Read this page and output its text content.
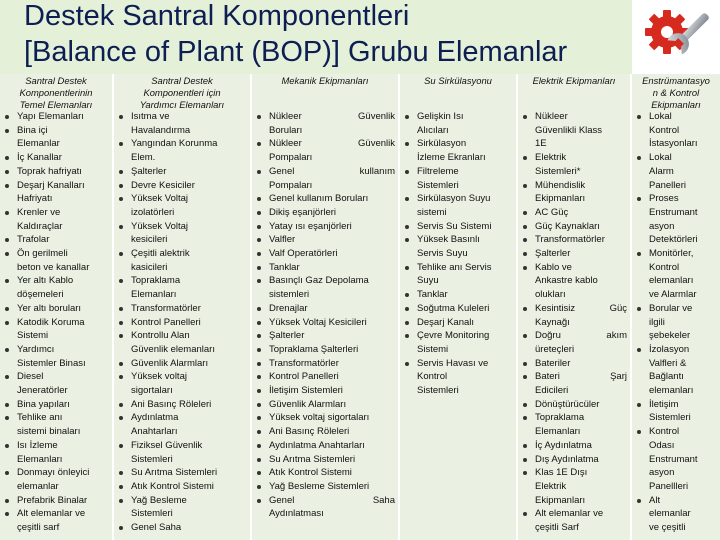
Destek Santral Komponentleri
[Balance of Plant (BOP)] Grubu Elemanlar
Santral Destek
Komponentlerinin
Temel Elemanları
Yapı Elemanları
Bina içi
Elemanlar
İç Kanallar
Toprak hafriyatı
Deşarj Kanalları
Hafriyatı
Krenler ve
Kaldıraçlar
Trafolar
Ön gerilmeli
beton ve kanallar
Yer altı Kablo
döşemeleri
Yer altı boruları
Katodik Koruma
Sistemi
Yardımcı
Sistemler Binası
Diesel
Jeneratörler
Bina yapıları
Tehlike anı
sistemi binaları
Isı İzleme
Elemanları
Donmayı önleyici
elemanlar
Prefabrik Binalar
Alt elemanlar ve
çeşitli sarf
Santral Destek
Komponentleri için
Yardımcı Elemanları
Isıtma ve
Havalandırma
Yangından Korunma
Elem.
Şalterler
Devre Kesiciler
Yüksek Voltaj
izolatörleri
Yüksek Voltaj
kesicileri
Çeşitli alektrik
kasicileri
Topraklama
Elemanları
Transformatörler
Kontrol Panelleri
Kontrollu Alan
Güvenlik elemanları
Güvenlik Alarmları
Yüksek voltaj
sigortaları
Ani Basınç Röleleri
Aydınlatma
Anahtarları
Fiziksel Güvenlik
Sistemleri
Su Arıtma Sistemleri
Atık Kontrol Sistemi
Yağ Besleme
Sistemleri
Genel Saha
Mekanik Ekipmanları
Nükleer	Güvenlik
Boruları
Nükleer	Güvenlik
Pompaları
Genel	kullanım
Pompaları
Genel kullanım Boruları
Dikiş eşanjörleri
Yatay ısı eşanjörleri
Valfler
Valf Operatörleri
Tanklar
Basınçlı Gaz Depolama
sistemleri
Drenajlar
Yüksek Voltaj Kesicileri
Şalterler
Topraklama Şalterleri
Transformatörler
Kontrol Panelleri
İletişim Sistemleri
Güvenlik Alarmları
Yüksek voltaj sigortaları
Ani Basınç Röleleri
Aydınlatma Anahtarları
Su Arıtma Sistemleri
Atık Kontrol Sistemi
Yağ Besleme Sistemleri
Genel	Saha
Aydınlatması
Su Sirkülasyonu
Gelişkin Isı
Alıcıları
Sirkülasyon
İzleme Ekranları
Filtreleme
Sistemleri
Sirkülasyon Suyu
sistemi
Servis Su Sistemi
Yüksek Basınlı
Servis Suyu
Tehlike anı Servis
Suyu
Tanklar
Soğutma Kuleleri
Deşarj Kanalı
Çevre Monitoring
Sistemi
Servis Havası ve
Kontrol
Sistemleri
Elektrik Ekipmanları
Nükleer
Güvenlikli Klass
1E
Elektrik
Sistemleri*
Mühendislik
Ekipmanları
AC Güç
Güç Kaynakları
Transformatörler
Şalterler
Kablo ve
Ankastre kablo
olukları
Kesintisiz	Güç
Kaynağı
Doğru	akım
üreteçleri
Bateriler
Bateri	Şarj
Edicileri
Dönüştürücüler
Topraklama
Elemanları
İç Aydınlatma
Dış Aydınlatma
Klas 1E Dışı
Elektrik
Ekipmanları
Alt elemanlar ve
çeşitli Sarf
Enstrümantasyo
n & Kontrol
Ekipmanları
Lokal
Kontrol
İstasyonları
Lokal
Alarm
Panelleri
Proses
Enstrumant
asyon
Detektörleri
Monitörler,
Kontrol
elemanları
ve Alarmlar
Borular ve
ilgili
şebekeler
İzolasyon
Valfleri &
Bağlantı
elemanları
İletişim
Sistemleri
Kontrol
Odası
Enstrumant
asyon
Panellleri
Alt
elemanlar
ve çeşitli
